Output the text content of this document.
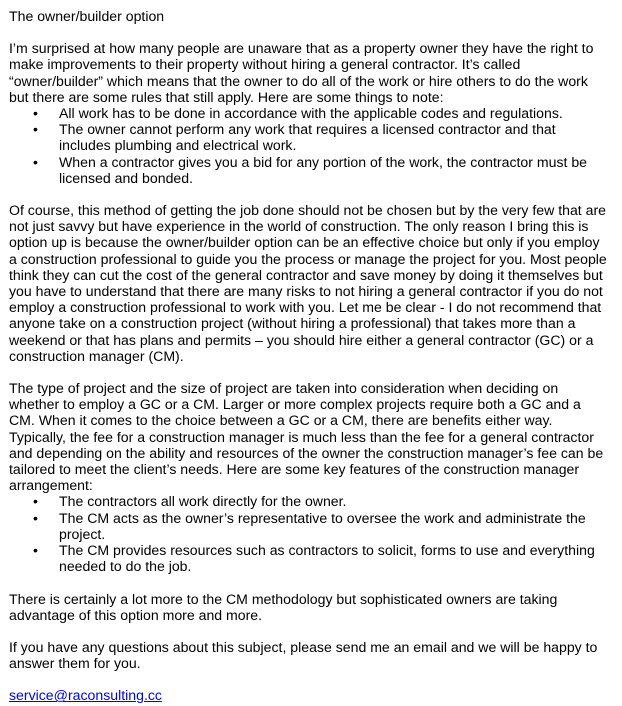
The owner/builder option

I’m surprised at how many people are unaware that as a property owner they have the right to make improvements to their property without hiring a general contractor. It’s called “owner/builder” which means that the owner to do all of the work or hire others to do the work but there are some rules that still apply. Here are some things to note:

• All work has to be done in accordance with the applicable codes and regulations.
• The owner cannot perform any work that requires a licensed contractor and that includes plumbing and electrical work.
• When a contractor gives you a bid for any portion of the work, the contractor must be licensed and bonded.

Of course, this method of getting the job done should not be chosen but by the very few that are not just savvy but have experience in the world of construction. The only reason I bring this is option up is because the owner/builder option can be an effective choice but only if you employ a construction professional to guide you the process or manage the project for you. Most people think they can cut the cost of the general contractor and save money by doing it themselves but you have to understand that there are many risks to not hiring a general contractor if you do not employ a construction professional to work with you. Let me be clear - I do not recommend that anyone take on a construction project (without hiring a professional) that takes more than a weekend or that has plans and permits – you should hire either a general contractor (GC) or a construction manager (CM).

The type of project and the size of project are taken into consideration when deciding on whether to employ a GC or a CM. Larger or more complex projects require both a GC and a CM. When it comes to the choice between a GC or a CM, there are benefits either way. Typically, the fee for a construction manager is much less than the fee for a general contractor and depending on the ability and resources of the owner the construction manager’s fee can be tailored to meet the client’s needs. Here are some key features of the construction manager arrangement:

• The contractors all work directly for the owner.
• The CM acts as the owner’s representative to oversee the work and administrate the project.
• The CM provides resources such as contractors to solicit, forms to use and everything needed to do the job.

There is certainly a lot more to the CM methodology but sophisticated owners are taking advantage of this option more and more.

If you have any questions about this subject, please send me an email and we will be happy to answer them for you.

service@raconsulting.cc
